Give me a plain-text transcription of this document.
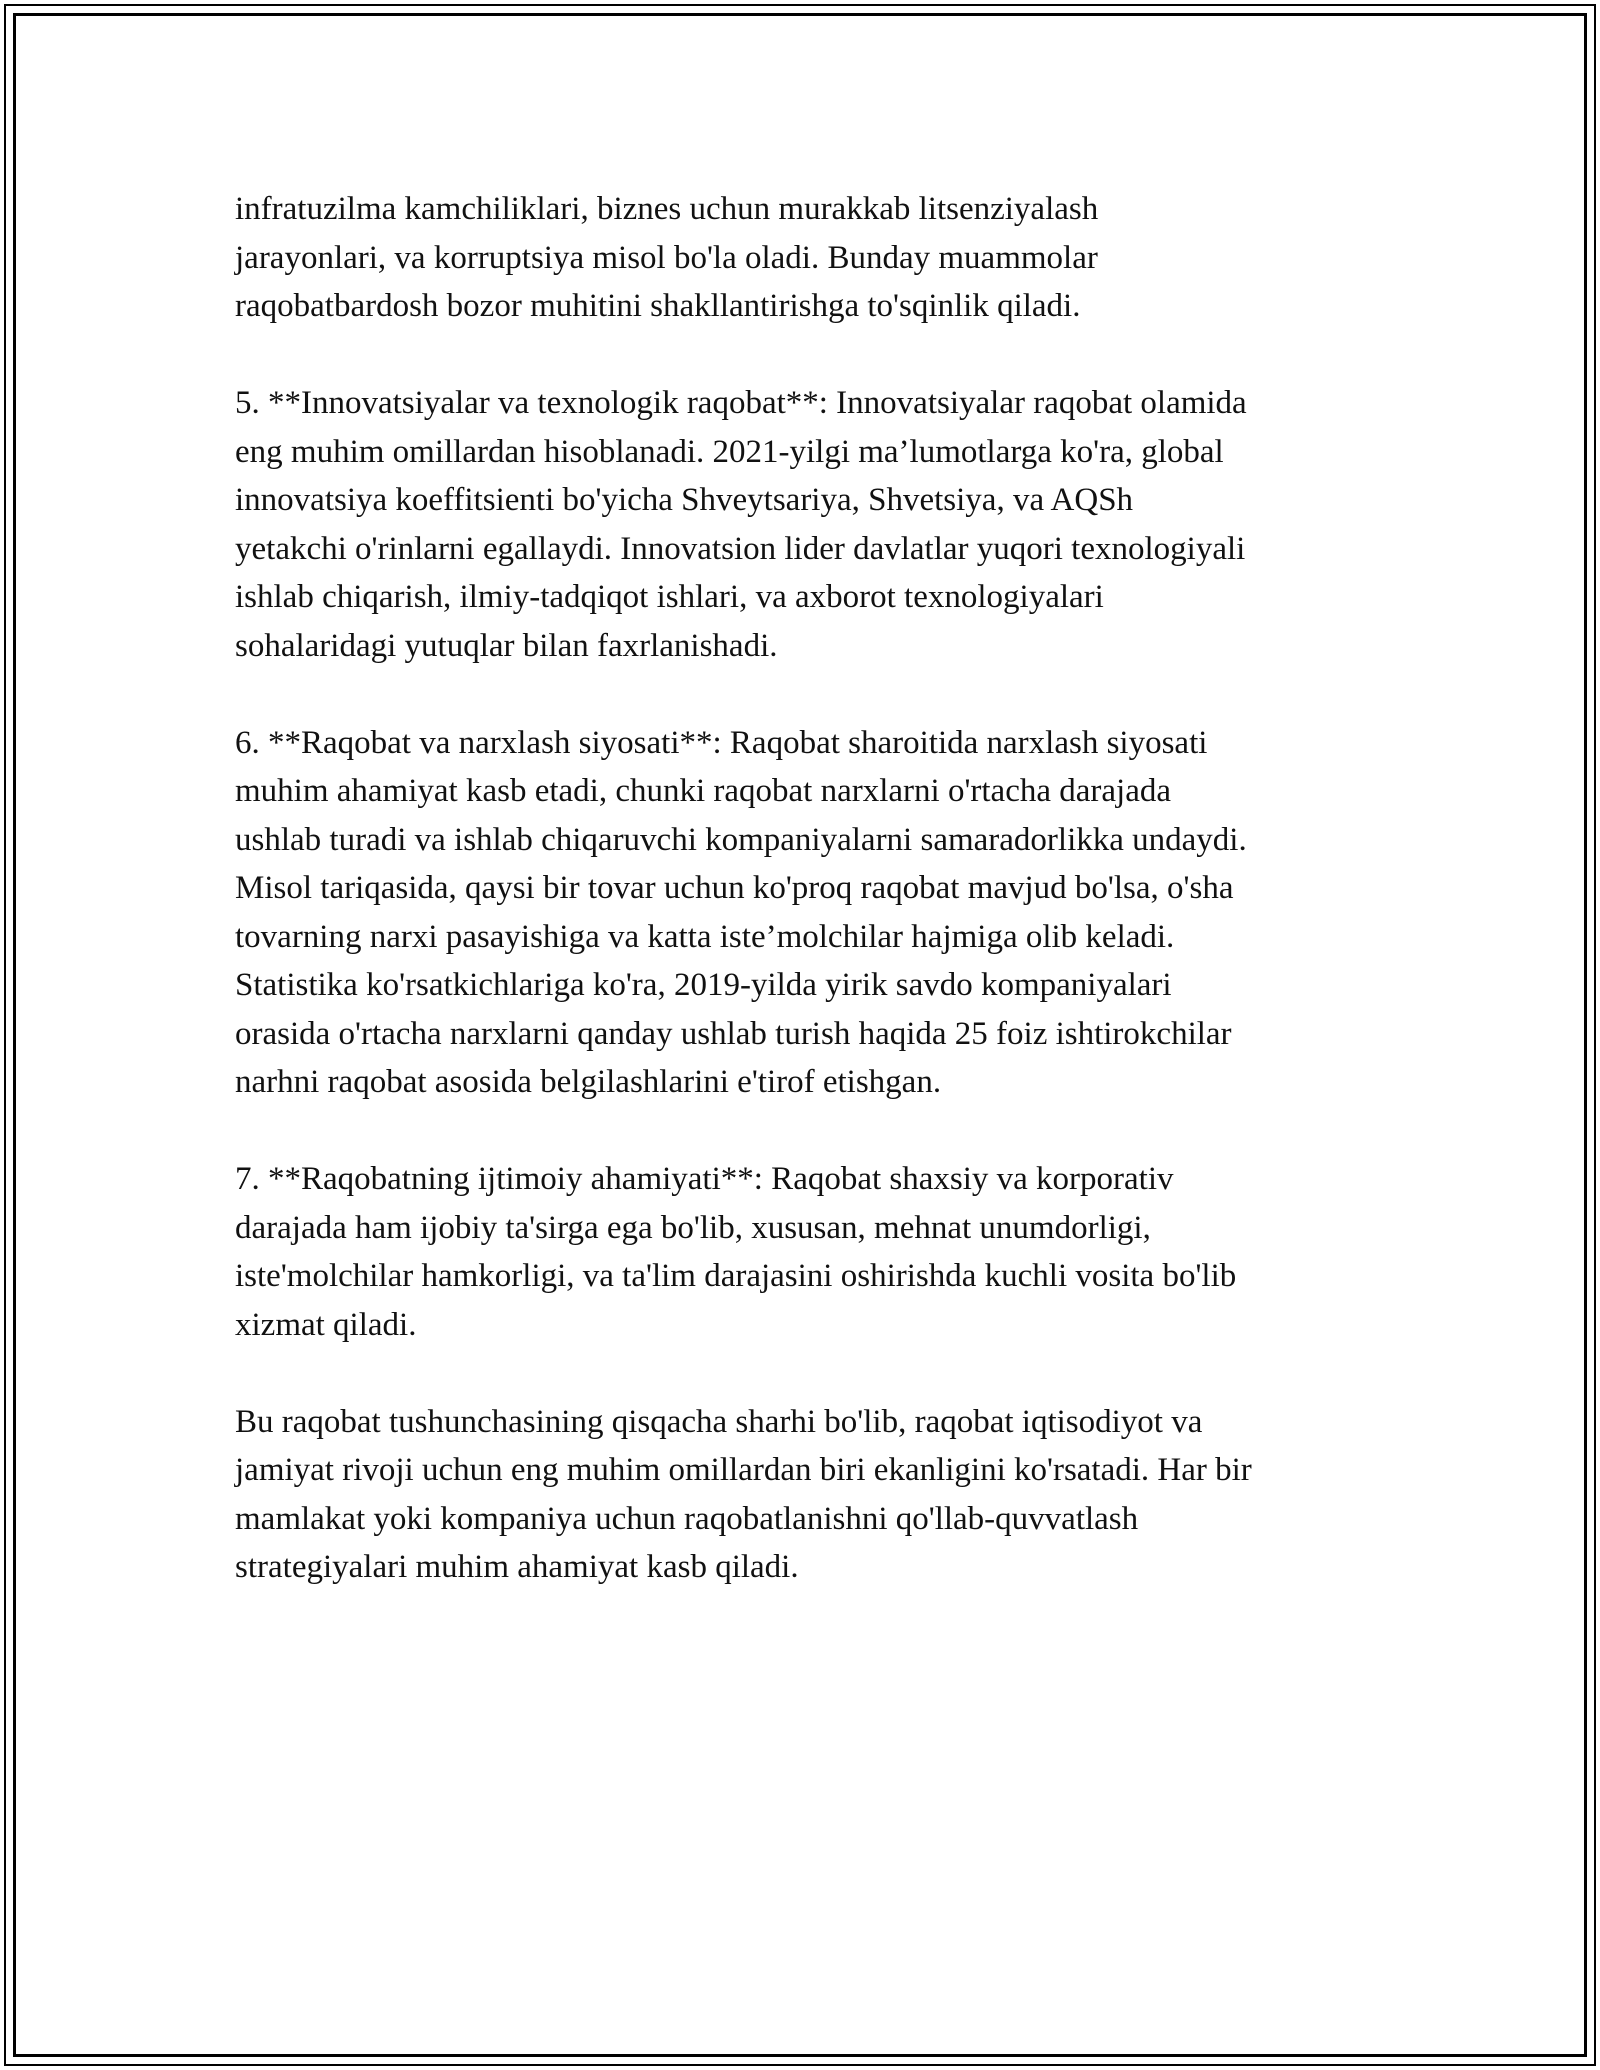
infratuzilma kamchiliklari, biznes uchun murakkab litsenziyalash
jarayonlari, va korruptsiya misol bo'la oladi. Bunday muammolar
raqobatbardosh bozor muhitini shakllantirishga to'sqinlik qiladi.

5. **Innovatsiyalar va texnologik raqobat**: Innovatsiyalar raqobat olamida
eng muhim omillardan hisoblanadi. 2021-yilgi ma’lumotlarga ko'ra, global
innovatsiya koeffitsienti bo'yicha Shveytsariya, Shvetsiya, va AQSh
yetakchi o'rinlarni egallaydi. Innovatsion lider davlatlar yuqori texnologiyali
ishlab chiqarish, ilmiy-tadqiqot ishlari, va axborot texnologiyalari
sohalaridagi yutuqlar bilan faxrlanishadi.

6. **Raqobat va narxlash siyosati**: Raqobat sharoitida narxlash siyosati
muhim ahamiyat kasb etadi, chunki raqobat narxlarni o'rtacha darajada
ushlab turadi va ishlab chiqaruvchi kompaniyalarni samaradorlikka undaydi.
Misol tariqasida, qaysi bir tovar uchun ko'proq raqobat mavjud bo'lsa, o'sha
tovarning narxi pasayishiga va katta iste’molchilar hajmiga olib keladi.
Statistika ko'rsatkichlariga ko'ra, 2019-yilda yirik savdo kompaniyalari
orasida o'rtacha narxlarni qanday ushlab turish haqida 25 foiz ishtirokchilar
narhni raqobat asosida belgilashlarini e'tirof etishgan.

7. **Raqobatning ijtimoiy ahamiyati**: Raqobat shaxsiy va korporativ
darajada ham ijobiy ta'sirga ega bo'lib, xususan, mehnat unumdorligi,
iste'molchilar hamkorligi, va ta'lim darajasini oshirishda kuchli vosita bo'lib
xizmat qiladi.

Bu raqobat tushunchasining qisqacha sharhi bo'lib, raqobat iqtisodiyot va
jamiyat rivoji uchun eng muhim omillardan biri ekanligini ko'rsatadi. Har bir
mamlakat yoki kompaniya uchun raqobatlanishni qo'llab-quvvatlash
strategiyalari muhim ahamiyat kasb qiladi.
